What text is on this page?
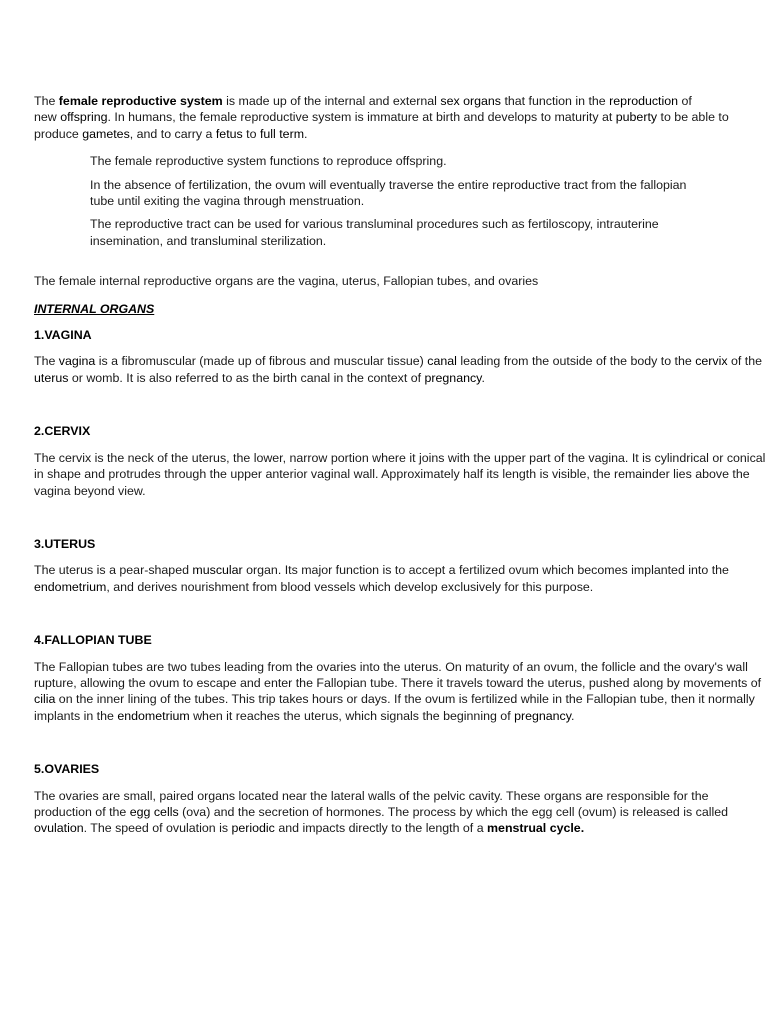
The female reproductive system is made up of the internal and external sex organs that function in the reproduction of
new offspring. In humans, the female reproductive system is immature at birth and develops to maturity at puberty to be able to
produce gametes, and to carry a fetus to full term.

The female reproductive system functions to reproduce offspring.

In the absence of fertilization, the ovum will eventually traverse the entire reproductive tract from the fallopian tube until exiting the vagina through menstruation.

The reproductive tract can be used for various transluminal procedures such as fertiloscopy, intrauterine insemination, and transluminal sterilization.

The female internal reproductive organs are the vagina, uterus, Fallopian tubes, and ovaries

INTERNAL ORGANS

1.VAGINA

The vagina is a fibromuscular (made up of fibrous and muscular tissue) canal leading from the outside of the body to the cervix of the uterus or womb. It is also referred to as the birth canal in the context of pregnancy.

2.CERVIX

The cervix is the neck of the uterus, the lower, narrow portion where it joins with the upper part of the vagina. It is cylindrical or conical in shape and protrudes through the upper anterior vaginal wall. Approximately half its length is visible, the remainder lies above the vagina beyond view.

3.UTERUS

The uterus is a pear-shaped muscular organ. Its major function is to accept a fertilized ovum which becomes implanted into the endometrium, and derives nourishment from blood vessels which develop exclusively for this purpose.

4.FALLOPIAN TUBE

The Fallopian tubes are two tubes leading from the ovaries into the uterus. On maturity of an ovum, the follicle and the ovary's wall rupture, allowing the ovum to escape and enter the Fallopian tube. There it travels toward the uterus, pushed along by movements of cilia on the inner lining of the tubes. This trip takes hours or days. If the ovum is fertilized while in the Fallopian tube, then it normally implants in the endometrium when it reaches the uterus, which signals the beginning of pregnancy.

5.OVARIES

The ovaries are small, paired organs located near the lateral walls of the pelvic cavity. These organs are responsible for the production of the egg cells (ova) and the secretion of hormones. The process by which the egg cell (ovum) is released is called ovulation. The speed of ovulation is periodic and impacts directly to the length of a menstrual cycle.
